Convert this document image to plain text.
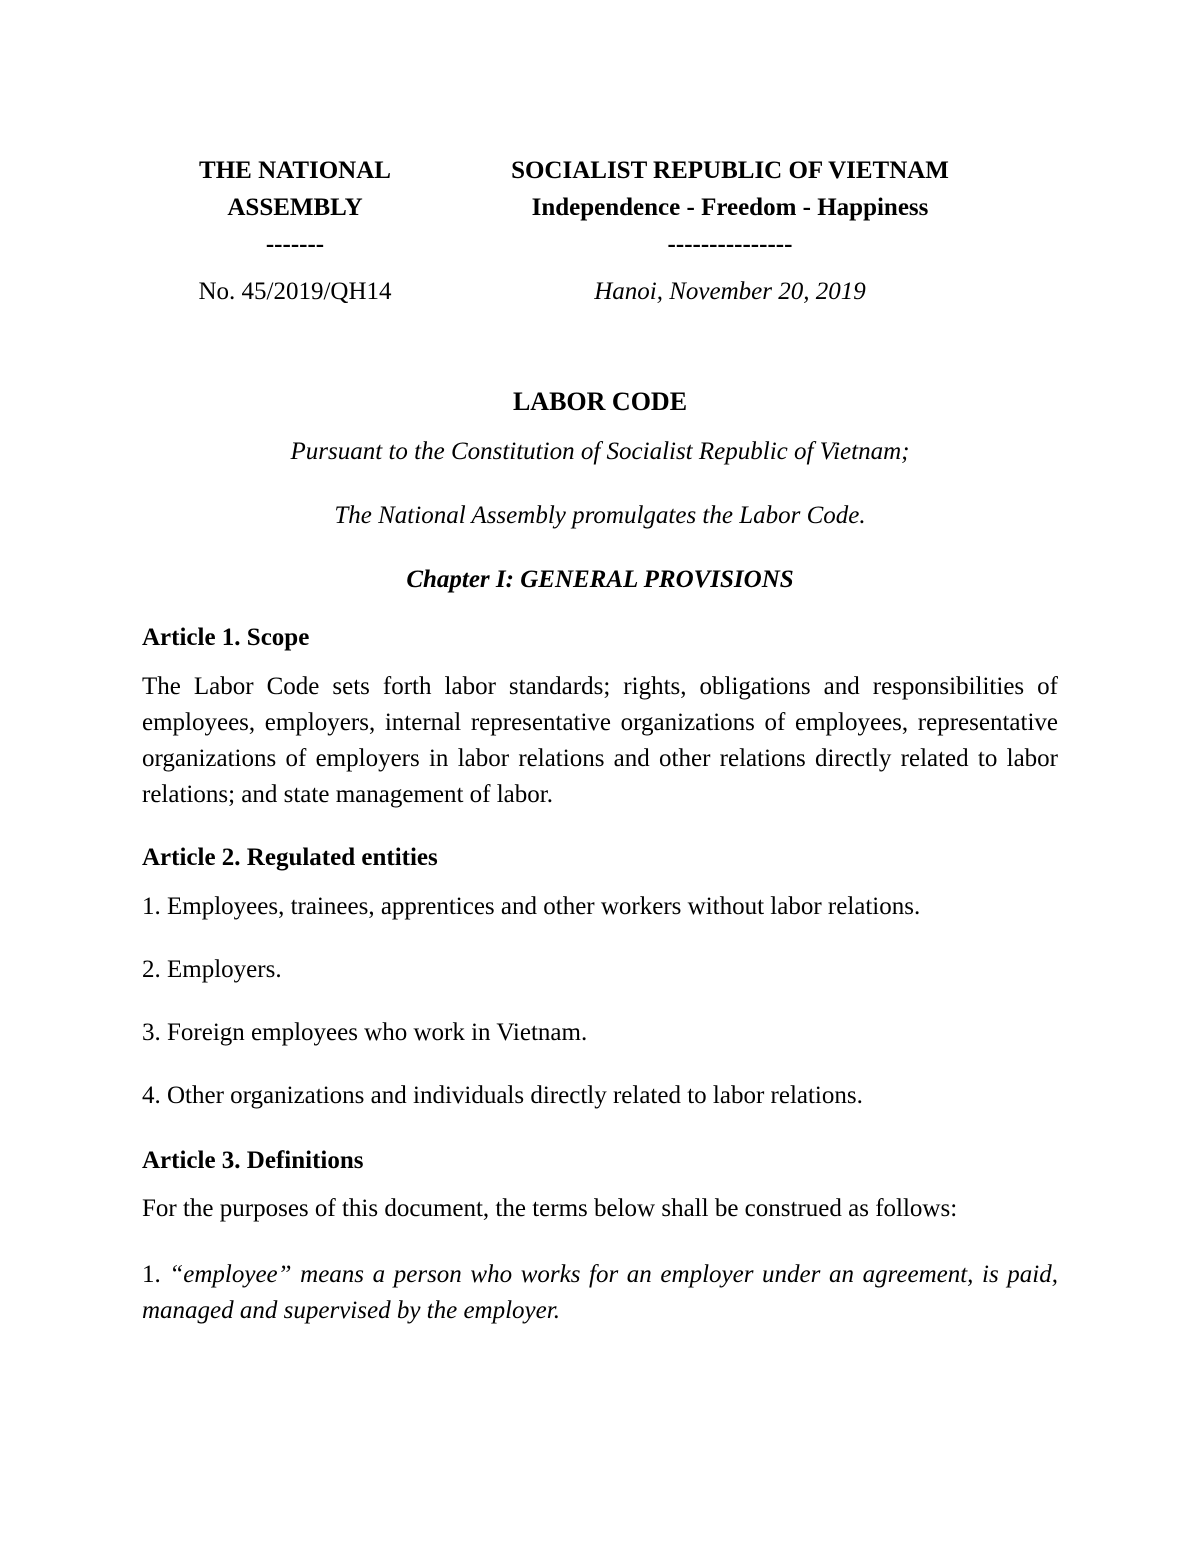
THE NATIONAL
ASSEMBLY
-------
SOCIALIST REPUBLIC OF VIETNAM
Independence - Freedom - Happiness
---------------
No. 45/2019/QH14	Hanoi, November 20, 2019
LABOR CODE
Pursuant to the Constitution of Socialist Republic of Vietnam;
The National Assembly promulgates the Labor Code.
Chapter I: GENERAL PROVISIONS
Article 1. Scope
The Labor Code sets forth labor standards; rights, obligations and responsibilities of employees, employers, internal representative organizations of employees, representative organizations of employers in labor relations and other relations directly related to labor relations; and state management of labor.
Article 2. Regulated entities
1. Employees, trainees, apprentices and other workers without labor relations.
2. Employers.
3. Foreign employees who work in Vietnam.
4. Other organizations and individuals directly related to labor relations.
Article 3. Definitions
For the purposes of this document, the terms below shall be construed as follows:
1. “employee” means a person who works for an employer under an agreement, is paid, managed and supervised by the employer.
